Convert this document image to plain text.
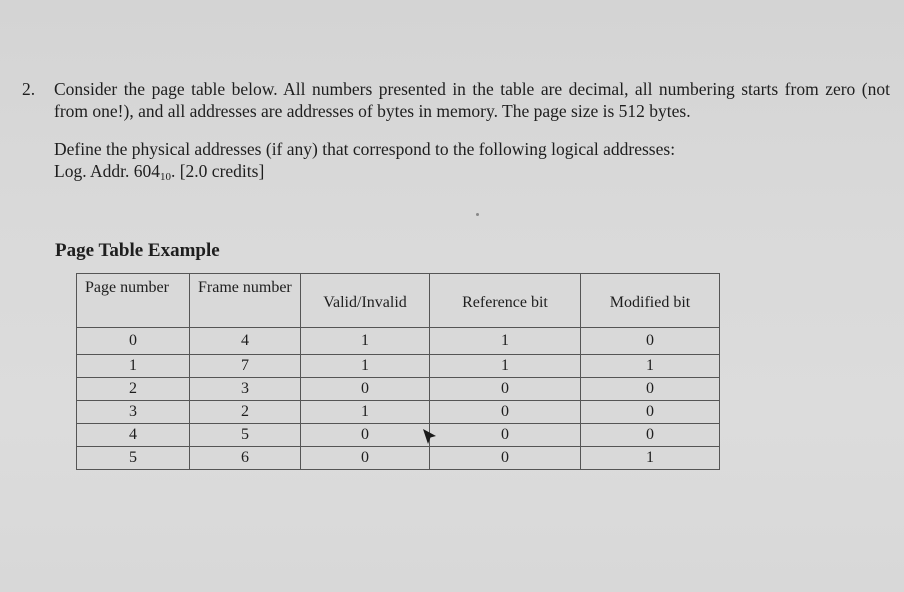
2. Consider the page table below. All numbers presented in the table are decimal, all numbering starts from zero (not from one!), and all addresses are addresses of bytes in memory. The page size is 512 bytes.

Define the physical addresses (if any) that correspond to the following logical addresses:
Log. Addr. $604_{10}$. [2.0 credits]

Page Table Example
Page number	Frame number	Valid/Invalid	Reference bit	Modified bit
0	4	1	1	0
1	7	1	1	1
2	3	0	0	0
3	2	1	0	0
4	5	0	0	0
5	6	0	0	1
